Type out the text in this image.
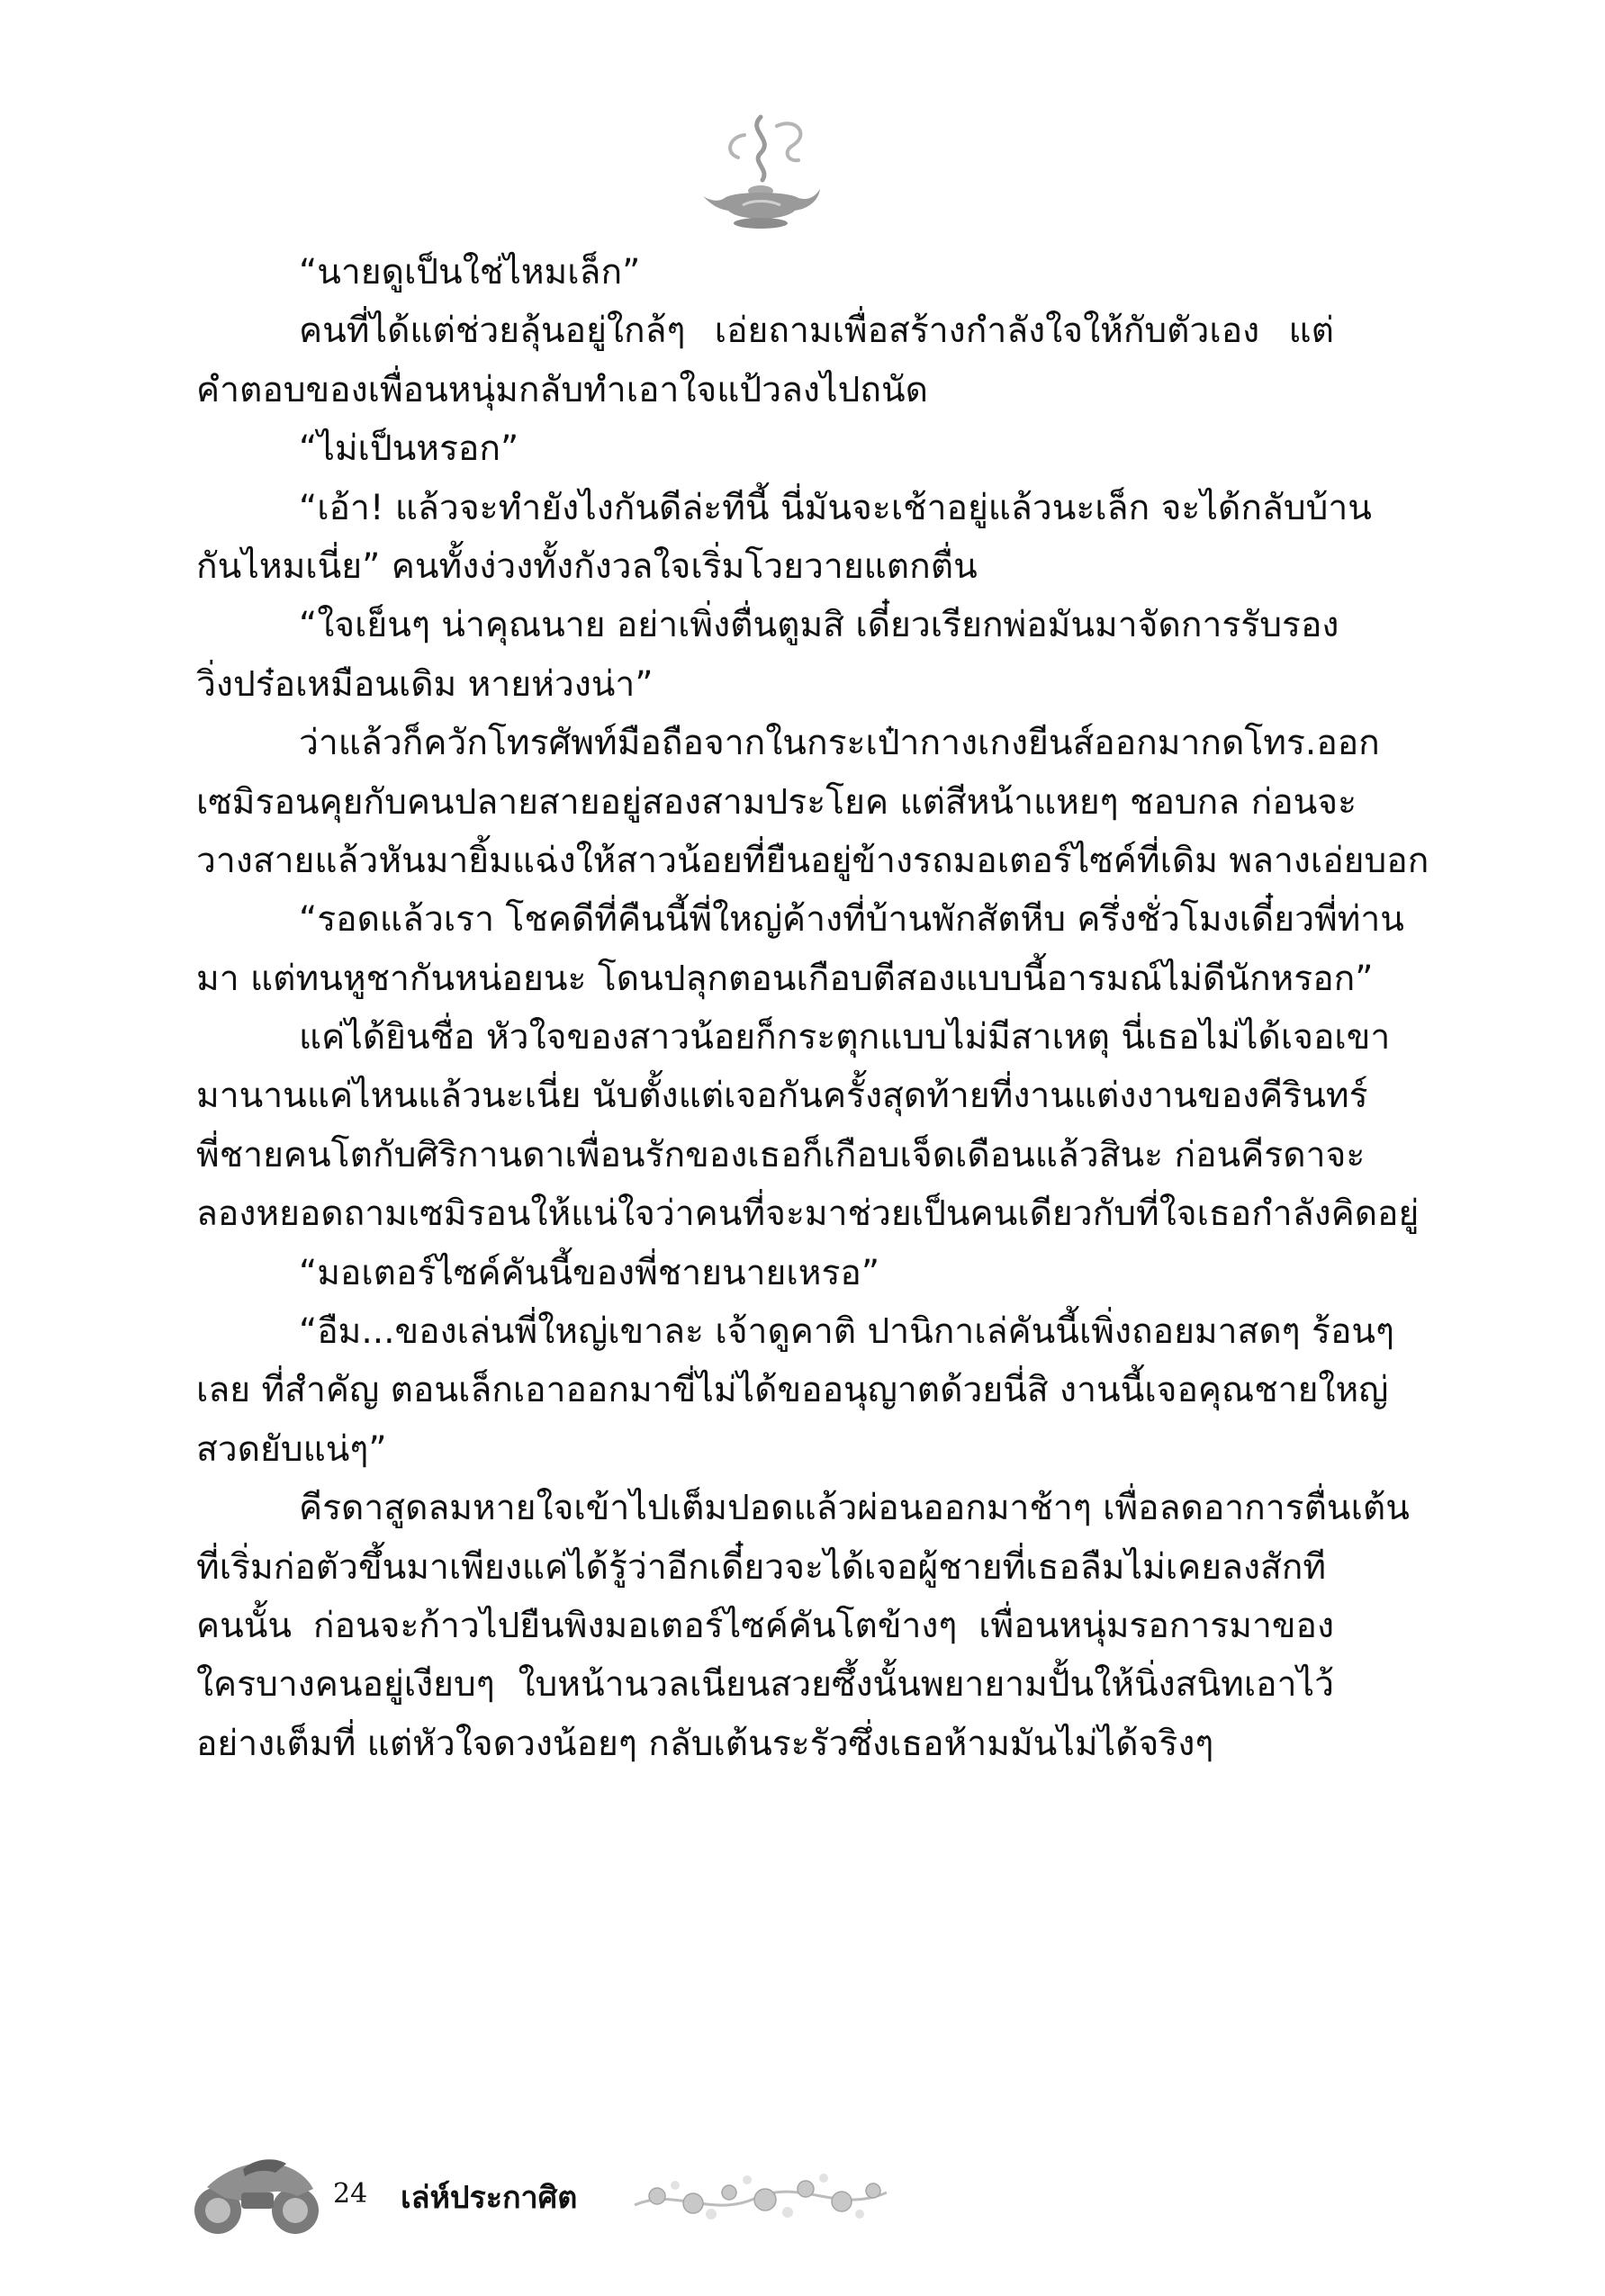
“นายดูเป็นใช่ไหมเล็ก”
คนที่ได้แต่ช่วยลุ้นอยู่ใกล้ๆ เอ่ยถามเพื่อสร้างกำลังใจให้กับตัวเอง แต่
คำตอบของเพื่อนหนุ่มกลับทำเอาใจแป้วลงไปถนัด
“ไม่เป็นหรอก”
“เอ้า! แล้วจะทำยังไงกันดีล่ะทีนี้ นี่มันจะเช้าอยู่แล้วนะเล็ก จะได้กลับบ้าน
กันไหมเนี่ย” คนทั้งง่วงทั้งกังวลใจเริ่มโวยวายแตกตื่น
“ใจเย็นๆ น่าคุณนาย อย่าเพิ่งตื่นตูมสิ เดี๋ยวเรียกพ่อมันมาจัดการรับรอง
วิ่งปร๋อเหมือนเดิม หายห่วงน่า”
ว่าแล้วก็ควักโทรศัพท์มือถือจากในกระเป๋ากางเกงยีนส์ออกมากดโทร.ออก
เซมิรอนคุยกับคนปลายสายอยู่สองสามประโยค แต่สีหน้าแหยๆ ชอบกล ก่อนจะ
วางสายแล้วหันมายิ้มแฉ่งให้สาวน้อยที่ยืนอยู่ข้างรถมอเตอร์ไซค์ที่เดิม พลางเอ่ยบอก
“รอดแล้วเรา โชคดีที่คืนนี้พี่ใหญ่ค้างที่บ้านพักสัตหีบ ครึ่งชั่วโมงเดี๋ยวพี่ท่าน
มา แต่ทนหูชากันหน่อยนะ โดนปลุกตอนเกือบตีสองแบบนี้อารมณ์ไม่ดีนักหรอก”
แค่ได้ยินชื่อ หัวใจของสาวน้อยก็กระตุกแบบไม่มีสาเหตุ นี่เธอไม่ได้เจอเขา
มานานแค่ไหนแล้วนะเนี่ย นับตั้งแต่เจอกันครั้งสุดท้ายที่งานแต่งงานของคีรินทร์
พี่ชายคนโตกับศิริกานดาเพื่อนรักของเธอก็เกือบเจ็ดเดือนแล้วสินะ ก่อนคีรดาจะ
ลองหยอดถามเซมิรอนให้แน่ใจว่าคนที่จะมาช่วยเป็นคนเดียวกับที่ใจเธอกำลังคิดอยู่
“มอเตอร์ไซค์คันนี้ของพี่ชายนายเหรอ”
“อืม...ของเล่นพี่ใหญ่เขาละ เจ้าดูคาติ ปานิกาเล่คันนี้เพิ่งถอยมาสดๆ ร้อนๆ
เลย ที่สำคัญ ตอนเล็กเอาออกมาขี่ไม่ได้ขออนุญาตด้วยนี่สิ งานนี้เจอคุณชายใหญ่
สวดยับแน่ๆ”
คีรดาสูดลมหายใจเข้าไปเต็มปอดแล้วผ่อนออกมาช้าๆ เพื่อลดอาการตื่นเต้น
ที่เริ่มก่อตัวขึ้นมาเพียงแค่ได้รู้ว่าอีกเดี๋ยวจะได้เจอผู้ชายที่เธอลืมไม่เคยลงสักที
คนนั้น ก่อนจะก้าวไปยืนพิงมอเตอร์ไซค์คันโตข้างๆ เพื่อนหนุ่มรอการมาของ
ใครบางคนอยู่เงียบๆ ใบหน้านวลเนียนสวยซึ้งนั้นพยายามปั้นให้นิ่งสนิทเอาไว้
อย่างเต็มที่ แต่หัวใจดวงน้อยๆ กลับเต้นระรัวซึ่งเธอห้ามมันไม่ได้จริงๆ
24 เล่ห์ประกาศิต
